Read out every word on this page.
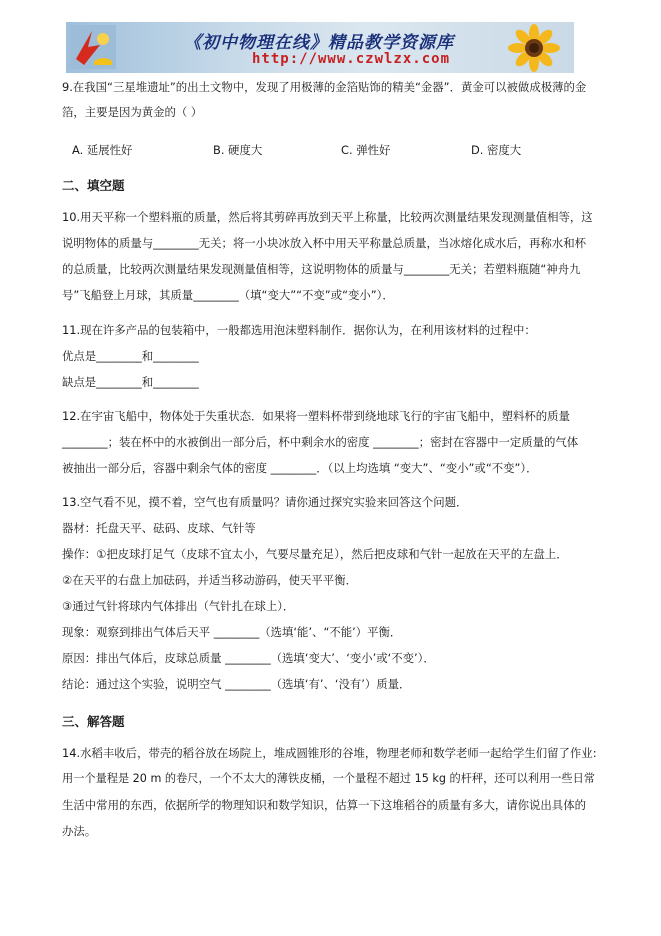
《初中物理在线》精品教学资源库
http://www.czwlzx.com
9.在我国“三星堆遗址”的出土文物中，发现了用极薄的金箔贴饰的精美“金器”．黄金可以被做成极薄的金
箔，主要是因为黄金的（ ）
A. 延展性好	B. 硬度大	C. 弹性好	D. 密度大
二、填空题
10.用天平称一个塑料瓶的质量，然后将其剪碎再放到天平上称量，比较两次测量结果发现测量值相等，这
说明物体的质量与________无关；将一小块冰放入杯中用天平称量总质量，当冰熔化成水后，再称水和杯
的总质量，比较两次测量结果发现测量值相等，这说明物体的质量与________无关；若塑料瓶随“神舟九
号”飞船登上月球，其质量________（填“变大”“不变”或“变小”）．
11.现在许多产品的包装箱中，一般都选用泡沫塑料制作．据你认为，在利用该材料的过程中：
优点是________和________
缺点是________和________
12.在宇宙飞船中，物体处于失重状态．如果将一塑料杯带到绕地球飞行的宇宙飞船中，塑料杯的质量
________；装在杯中的水被倒出一部分后，杯中剩余水的密度 ________；密封在容器中一定质量的气体
被抽出一部分后，容器中剩余气体的密度 ________．（以上均选填 “变大”、“变小”或“不变”）．
13.空气看不见，摸不着，空气也有质量吗？请你通过探究实验来回答这个问题．
器材：托盘天平、砝码、皮球、气针等
操作：①把皮球打足气（皮球不宜太小，气要尽量充足），然后把皮球和气针一起放在天平的左盘上．
②在天平的右盘上加砝码，并适当移动游码，使天平平衡．
③通过气针将球内气体排出（气针扎在球上）．
现象：观察到排出气体后天平 ________（选填‘能’、“不能’）平衡．
原因：排出气体后，皮球总质量 ________（选填‘变大’、‘变小’或‘不变’）．
结论：通过这个实验，说明空气 ________（选填‘有’、‘没有’）质量．
三、解答题
14.水稻丰收后，带壳的稻谷放在场院上，堆成圆锥形的谷堆，物理老师和数学老师一起给学生们留了作业:
用一个量程是 20 m 的卷尺，一个不太大的薄铁皮桶，一个量程不超过 15 kg 的杆秤，还可以利用一些日常
生活中常用的东西，依据所学的物理知识和数学知识，估算一下这堆稻谷的质量有多大，请你说出具体的
办法。
